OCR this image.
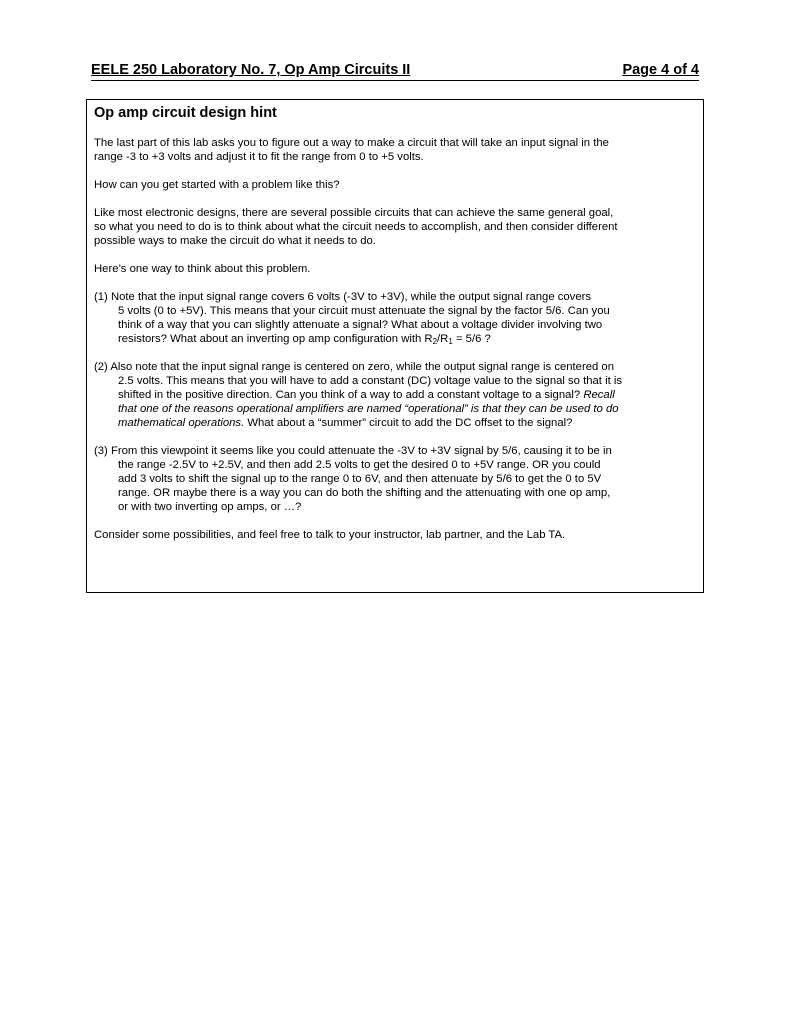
EELE 250 Laboratory No. 7, Op Amp Circuits II	Page 4 of 4
Op amp circuit design hint
The last part of this lab asks you to figure out a way to make a circuit that will take an input signal in the
range -3 to +3 volts and adjust it to fit the range from 0 to +5 volts.
How can you get started with a problem like this?
Like most electronic designs, there are several possible circuits that can achieve the same general goal,
so what you need to do is to think about what the circuit needs to accomplish, and then consider different
possible ways to make the circuit do what it needs to do.
Here’s one way to think about this problem.
(1) Note that the input signal range covers 6 volts (-3V to +3V), while the output signal range covers
5 volts (0 to +5V). This means that your circuit must attenuate the signal by the factor 5/6. Can you
think of a way that you can slightly attenuate a signal? What about a voltage divider involving two
resistors? What about an inverting op amp configuration with $R_2/R_1 = 5/6$ ?
(2) Also note that the input signal range is centered on zero, while the output signal range is centered on
2.5 volts. This means that you will have to add a constant (DC) voltage value to the signal so that it is
shifted in the positive direction. Can you think of a way to add a constant voltage to a signal? Recall
that one of the reasons operational amplifiers are named “operational” is that they can be used to do
mathematical operations. What about a “summer” circuit to add the DC offset to the signal?
(3) From this viewpoint it seems like you could attenuate the -3V to +3V signal by 5/6, causing it to be in
the range -2.5V to +2.5V, and then add 2.5 volts to get the desired 0 to +5V range. OR you could
add 3 volts to shift the signal up to the range 0 to 6V, and then attenuate by 5/6 to get the 0 to 5V
range. OR maybe there is a way you can do both the shifting and the attenuating with one op amp,
or with two inverting op amps, or …?
Consider some possibilities, and feel free to talk to your instructor, lab partner, and the Lab TA.
